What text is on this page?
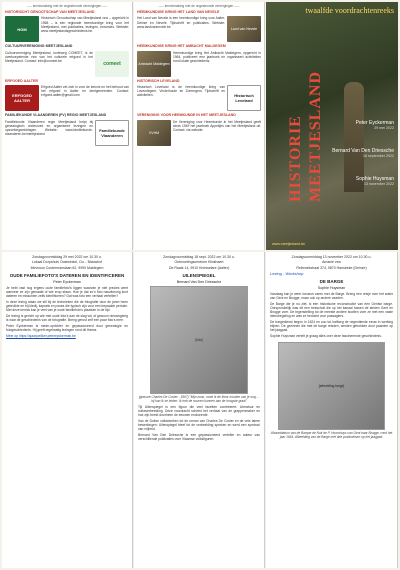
----- kennismaking met de ongesteunde verenigingen -----
HISTORISCHT GENOOTSCHAP VAN MEETJESLAND
HGM
Historisch Genootschap van Meetjesland vzw – opgericht in 1968 – is een regionale heemkundige kring voor het Meetjesland, met publicaties, lezingen, excursies. Website: www.meetjeslandsgeschiedenis.be.
CULTUURVERENIGING MEETJESLAND
Cultuurvereniging Meetjesland, korteweg COMEET, is de overkoepelende vzw van het culturele erfgoed in het Meetjesland. Contact: info@comeet.be	comeet
ERFGOED AALTER
ERFGOED AALTER
Erfgoed Aalter zet zich in voor de kennis en het behoud van het erfgoed in Aalter en deelgemeenten. Contact: erfgoed.aalter@gmail.com
FAMILIEKUNDE VLAANDEREN (FV) REGIO MEETJESLAND
Familiekunde Vlaanderen regio Meetjesland helpt bij genealogisch onderzoek en organiseert lezingen en opzoekingsmiddagen. Website: www.familiekunde-vlaanderen.be/meetjesland
Familiekunde Vlaanderen
----- kennismaking met de ongesteunde verenigingen -----
HEEMKUNDIGE KRING HET LAND VAN NEVELE
Het Land van Nevele is een heemkundige kring voor Aalter, Deinze en Nevele. Tijdschrift en publicaties. Website: www.landvannevele.be
Land van Nevele
HEEMKUNDIGE KRING HET AMBACHT MALDEGEM
Ambacht Maldegem
Heemkundige kring Het Ambacht Maldegem, opgericht in 1964, publiceert een jaarboek en organiseert activiteiten rond lokale geschiedenis.
HISTORISCH LEVELAND
Historisch Leveland is de heemkundige kring van Lovendegem, Vinderhoute en Zomergem. Tijdschrift en activiteiten.	Historisch Leveland
VERENIGING VOOR HEEMKUNDE IN HET MEETJESLAND
VVHM
De Vereniging voor Heemkunde in het Meetjesland geeft sinds 1949 het jaarboek Appeltjes van het Meetjesland uit. Contact: via website.
twaalfde voordrachtenreeks
HISTORIE MEETJESLAND	Peter Eyckerman
29 mei 2022
Bernard Van Den Driessche
18 september 2022
Sophie Huysman
13 november 2022
www.meetjesland.be
Zondagvoormiddag 29 mei 2022 om 10.30 u.
Lokaal Dorpshuis Oostwinkel, Ou... Blauwhof
Mevrouw Coutermanslaan 62, 9990 Maldegem
OUDE FAMILIEFOTO'S DATEREN EN IDENTIFICEREN
Peter Eyckerman

Je hebt vast nog ergens oude familiefoto's liggen waarvan je niet precies weet wanneer ze zijn gemaakt of wie erop staan. Hoe je dat zo'n foto nauwkeurig kunt dateren en misschien zelfs identificeren? Dat was foto een verhaal vertellen?

In deze lezing staan we stil bij de technieken die de fotografie door de jaren heen gebruikte en bij kledij, kapsels en poses die typisch zijn voor een bepaalde periode. Met deze kennis kan je veel van je oude familiefoto's plaatsen in de tijd.

De lezing is gericht op wie met oude foto's aan de slag wil, of gewoon nieuwsgierig is naar de geschiedenis van de fotografie. Breng gerust zelf een paar foto's mee.

Peter Eyckerman is mede-oprichter en gepassioneerd door genealogie en fotogeschiedenis. Hij geeft regelmatig lezingen rond dit thema.

Meer op https://sjaarjoe6ker.petereyckerman.be

Zondagvoormiddag 18 sept. 2022 om 10.30 u.
Ontmoetingscentrum Klinkhaert
De Raats 14, 9910 Knesselare (Aalter)
UILENSPIEGEL
Bernard Van Den Driessche
[foto]
(gravure Charles De Coster - 1867) "Mijn zoon, moet ik de kleur houden van je oog ... hij kan ik ze leiden. Ik heb de nouven kunnen aan de hoogste graal"

Tijl Uilenspiegel is een figuur die veel facetten combineert: Literatuur en volksverbeelding. Deze voordracht schetst het verhaal van de grappenmaker en hoe zijn beeld doorheen de eeuwen evolueerde.

Van de Duitse volksboeken tot de roman van Charles De Coster en de vele latere bewerkingen: Uilenspiegel bleef tot de verbeelding spreken en werd een symbool van vrijheid.

Bernard Van Den Driessche is een gepassioneerd verteller en auteur van verschillende publicaties over Vlaamse volksfiguren.

Zondagvoormiddag 13 november 2022 om 10.30 u.
Amanie vzw
Reibroekstraat 374, 9870 Hansbeke (Deinze)
Lezing - Workshop
DE BARGE
Sophie Huysman

Vandaag kan je weer luxueus varen met de Barge. Breng een reisje over het water van Gent en Brugge, maar ook op andere vaarten.

De Barge die je nu ziet, is een historische reconstructie van een Gentse barge. Oorspronkelijk was dit een trekschuit die op het kanaal tussen de steden Gent en Brugge voer. De tegenstelling tot de meeste andere bootten voer ze met een vaste dienstregeling en was ze bedoeld voor passagiers.

De bargedienst begon in 1624 en zou tot halfweg de negentiende eeuw in werking blijven. De gezinnen die met de barge reisden, werden getrokken door paarden op het jaagpad.

Sophie Huysman vertelt je graag alles over deze fascinerende geschiedenis.

[afbeelding barge]
Afvaartdatum van de Barque de Nuit de P. Hoornhuys van Gent naar Brugge, rond het jaar 1644. Afbeelding van de Barge met drie postkoetsen op het jaagpad.
